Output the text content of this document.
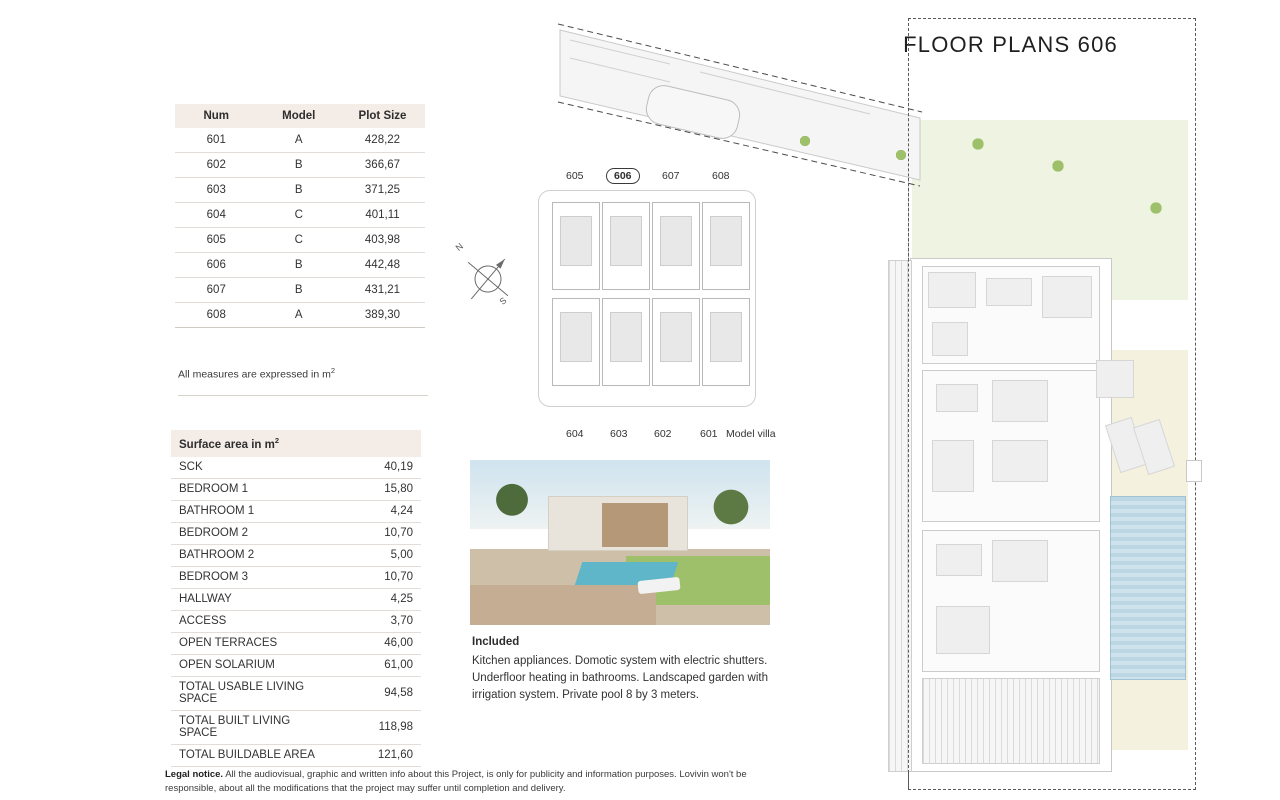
FLOOR PLANS 606
Num	Model	Plot Size
601	A	428,22
602	B	366,67
603	B	371,25
604	C	401,11
605	C	403,98
606	B	442,48
607	B	431,21
608	A	389,30
All measures are expressed in $m^2$
Surface area in $m^2$
SCK	40,19
BEDROOM 1	15,80
BATHROOM 1	4,24
BEDROOM 2	10,70
BATHROOM 2	5,00
BEDROOM 3	10,70
HALLWAY	4,25
ACCESS	3,70
OPEN TERRACES	46,00
OPEN SOLARIUM	61,00
TOTAL USABLE LIVING SPACE	94,58
TOTAL BUILT LIVING SPACE	118,98
TOTAL BUILDABLE AREA	121,60
N
S
605	606	607	608
604	603	602	601 Model villa
Included
Kitchen appliances. Domotic system with electric shutters. Underfloor heating in bathrooms. Landscaped garden with irrigation system. Private pool 8 by 3 meters.
Legal notice. All the audiovisual, graphic and written info about this Project, is only for publicity and information purposes. Lovivin won't be responsible, about all the modifications that the project may suffer until completion and delivery.
